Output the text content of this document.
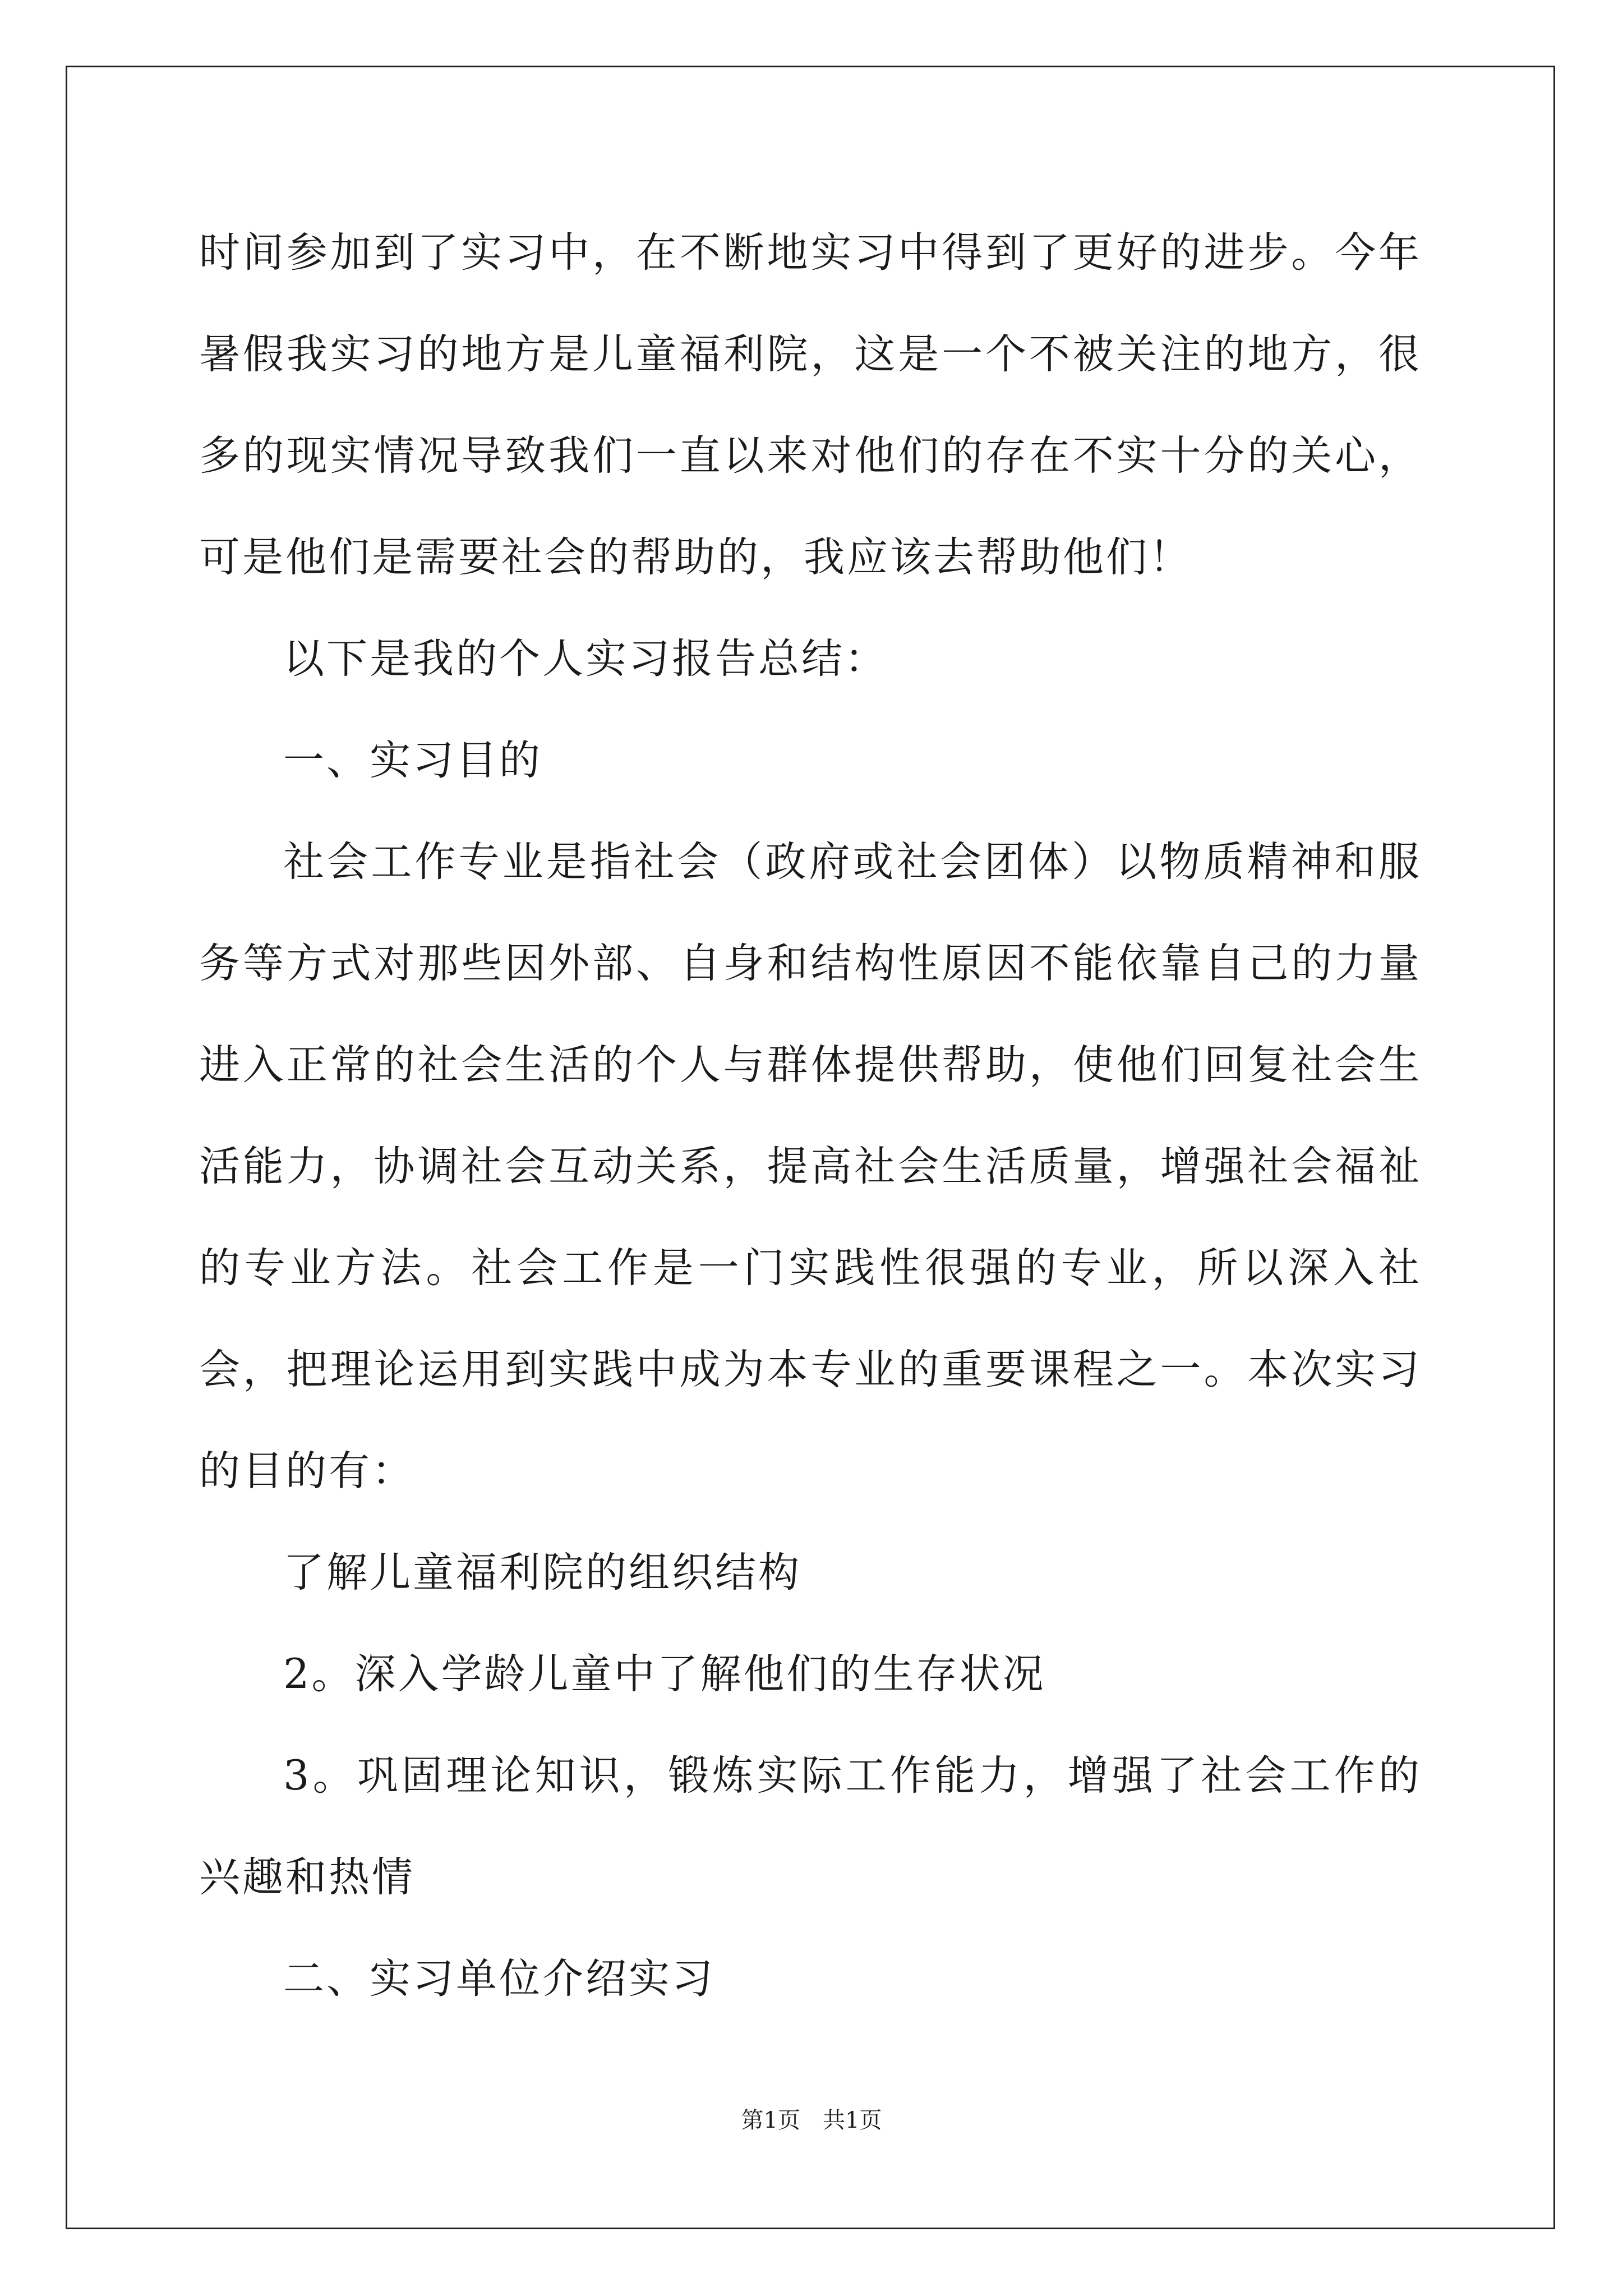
时间参加到了实习中，在不断地实习中得到了更好的进步。今年暑假我实习的地方是儿童福利院，这是一个不被关注的地方，很多的现实情况导致我们一直以来对他们的存在不实十分的关心，可是他们是需要社会的帮助的，我应该去帮助他们！

以下是我的个人实习报告总结：

一、实习目的

社会工作专业是指社会（政府或社会团体）以物质精神和服务等方式对那些因外部、自身和结构性原因不能依靠自己的力量进入正常的社会生活的个人与群体提供帮助，使他们回复社会生活能力，协调社会互动关系，提高社会生活质量，增强社会福祉的专业方法。社会工作是一门实践性很强的专业，所以深入社会，把理论运用到实践中成为本专业的重要课程之一。本次实习的目的有：

了解儿童福利院的组织结构

2。深入学龄儿童中了解他们的生存状况

3。巩固理论知识，锻炼实际工作能力，增强了社会工作的兴趣和热情

二、实习单位介绍实习

第1页　共1页
